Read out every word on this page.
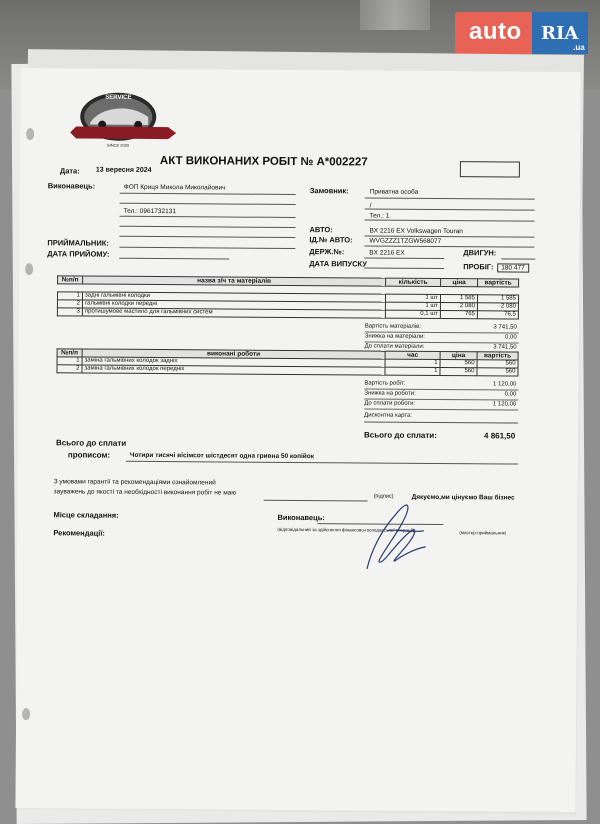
auto	RIA
.ua
SERVICE
SINCE 2020
АКТ ВИКОНАНИХ РОБІТ № А*002227
Дата: 13 вересня 2024
Виконавець:	ФОП Криця Микола Миколайович
Тел.: 0961732131
Замовник:	Приватна особа
/
Тел.: 1
АВТО:	BX 2216 EX Volkswagen Touran
ІД.№ АВТО:	WVGZZZ1TZGW568077
ПРИЙМАЛЬНИК:
ДАТА ПРИЙОМУ:	ДЕРЖ.№:	BX 2216 EX	ДВИГУН:
ДАТА ВИПУСКУ	ПРОБІГ:	180 477
№п/п	назва з/ч та матеріалів	кількість	ціна	вартість

1	задні гальмівні колодки	1 шт	1 585	1 585
2	гальмівні колодки передні	1 шт	2 080	2 080
3	протишумове мастило для гальмівних систем	0,1 шт	765	76,5
Вартість матеріалів:	3 741,50
Знижка на матеріали:	0,00
До сплати матеріали:	3 741,50
№п/п	виконані роботи	час	ціна	вартість
1	заміна гальмівних колодок задніх	1	560	560
2	заміна гальмівних колодок передніх	1	560	560
Вартість робіт:	1 120,00
Знижка на роботи:	0,00
До сплати роботи:	1 120,00
Дисконтна карта:
Всього до сплати:	4 861,50
Всього до сплати
прописом:	Чотири тисячі вісімсот шістдесят одна гривна 50 копійок
З умовами гарантії та рекомендаціями ознайомлений
зауважень до якості та необхідності виконання робіт не маю
(підпис)	Дякуємо,ми цінуємо Ваш бізнес
Місце складання:	Виконавець:
(відповідальний за здійснення фінансово-господарської операції)	(мастер-приймальник)
Рекомендації:
